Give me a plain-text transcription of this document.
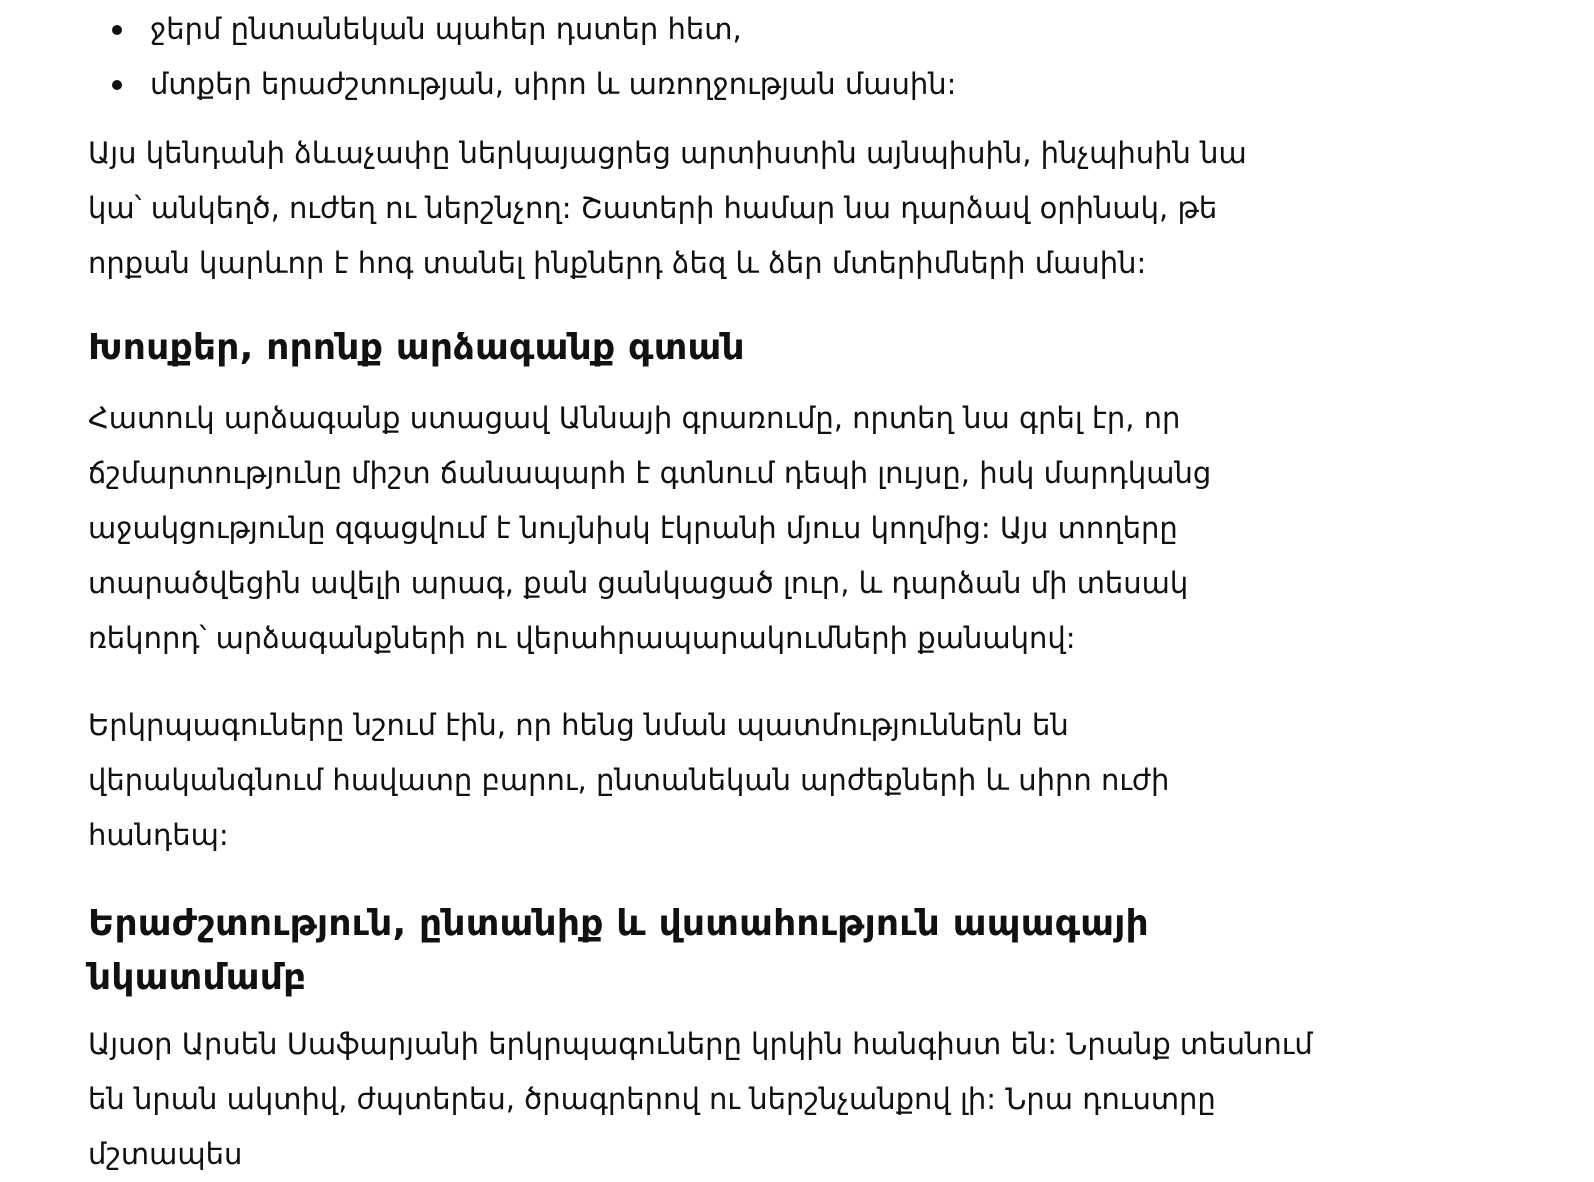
ջերմ ընտանեկան պահեր դստեր հետ,
մտքեր երաժշտության, սիրո և առողջության մասին:

Այս կենդանի ձևաչափը ներկայացրեց արտիստին այնպիսին, ինչպիսին նա կա՝ անկեղծ, ուժեղ ու ներշնչող: Շատերի համար նա դարձավ օրինակ, թե որքան կարևոր է հոգ տանել ինքներդ ձեզ և ձեր մտերիմների մասին:

Խոսքեր, որոնք արձագանք գտան

Հատուկ արձագանք ստացավ Աննայի գրառումը, որտեղ նա գրել էր, որ ճշմարտությունը միշտ ճանապարհ է գտնում դեպի լույսը, իսկ մարդկանց աջակցությունը զգացվում է նույնիսկ էկրանի մյուս կողմից: Այս տողերը տարածվեցին ավելի արագ, քան ցանկացած լուր, և դարձան մի տեսակ ռեկորդ՝ արձագանքների ու վերահրապարակումների քանակով:

Երկրպագուները նշում էին, որ հենց նման պատմություններն են վերականգնում հավատը բարու, ընտանեկան արժեքների և սիրո ուժի հանդեպ:

Երաժշտություն, ընտանիք և վստահություն ապագայի նկատմամբ

Այսօր Արսեն Սաֆարյանի երկրպագուները կրկին հանգիստ են: Նրանք տեսնում են նրան ակտիվ, ժպտերես, ծրագրերով ու ներշնչանքով լի: Նրա դուստրը մշտապես
